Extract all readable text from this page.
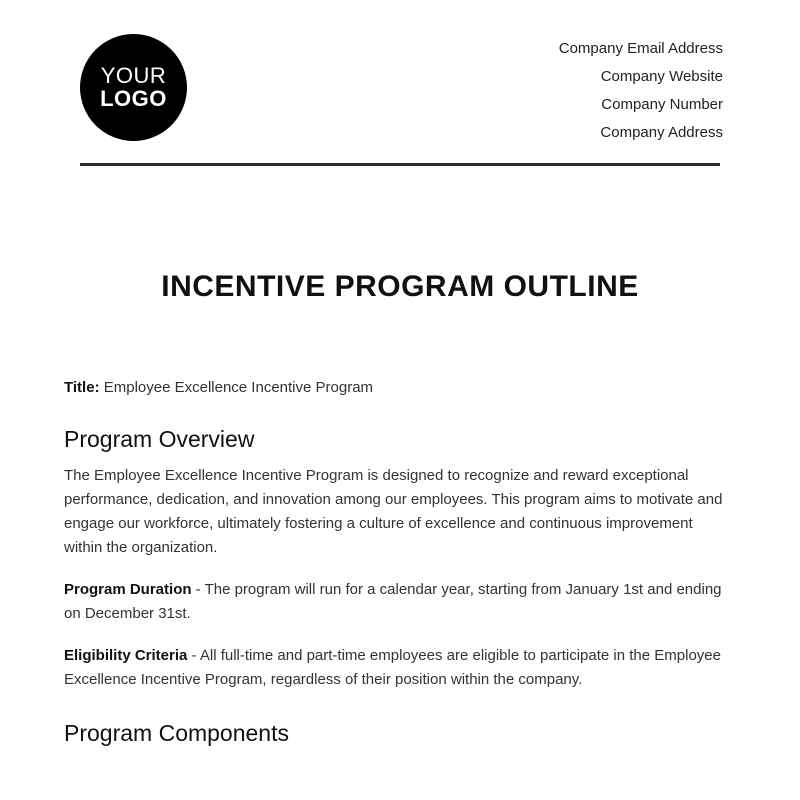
YOUR
LOGO
Company Email Address
Company Website
Company Number
Company Address
INCENTIVE PROGRAM OUTLINE

Title: Employee Excellence Incentive Program

Program Overview

The Employee Excellence Incentive Program is designed to recognize and reward exceptional performance, dedication, and innovation among our employees. This program aims to motivate and engage our workforce, ultimately fostering a culture of excellence and continuous improvement within the organization.

Program Duration - The program will run for a calendar year, starting from January 1st and ending on December 31st.

Eligibility Criteria - All full-time and part-time employees are eligible to participate in the Employee Excellence Incentive Program, regardless of their position within the company.

Program Components
